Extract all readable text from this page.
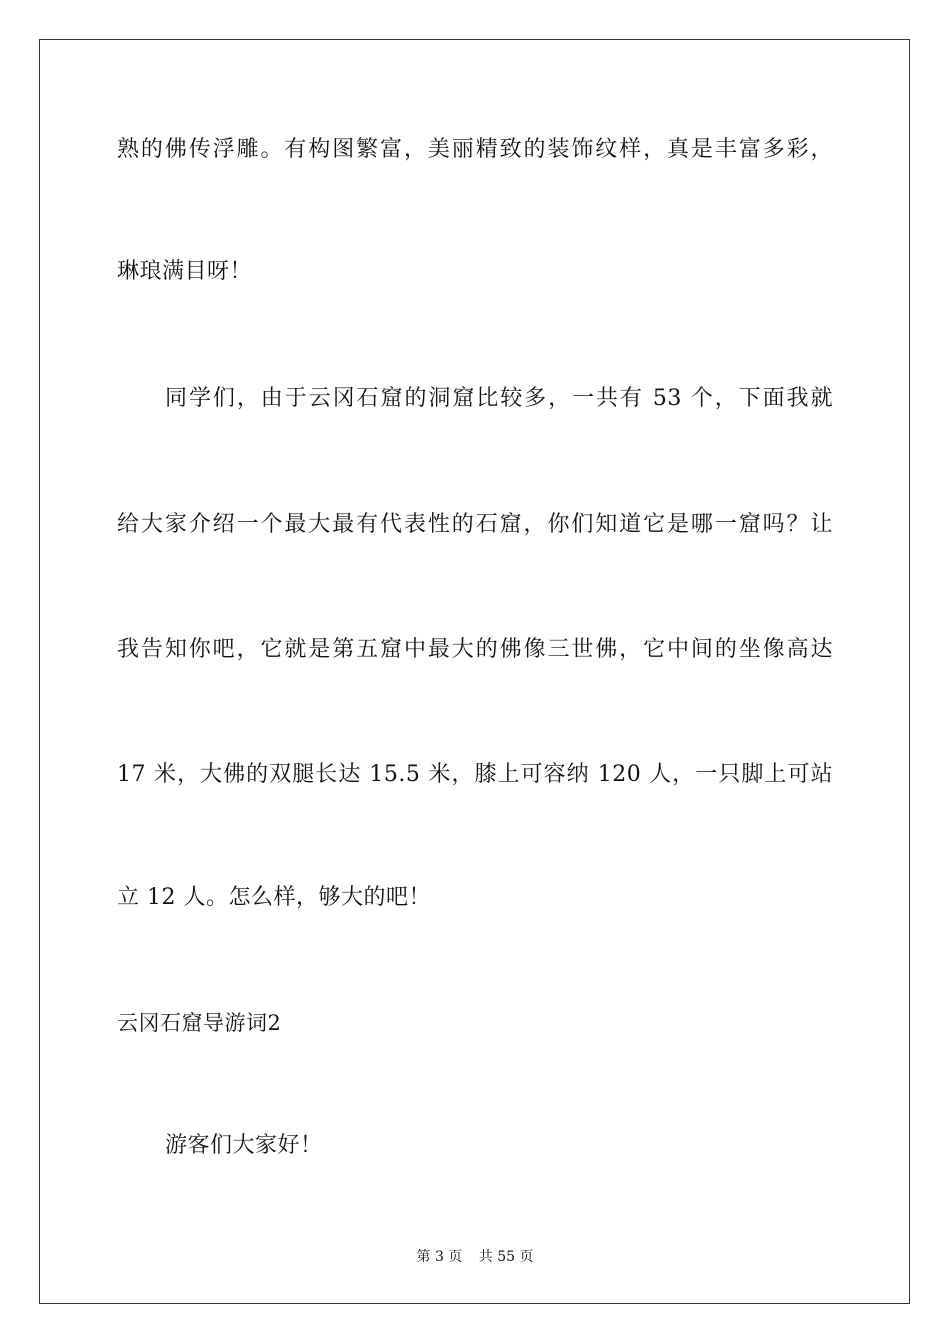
熟的佛传浮雕。有构图繁富，美丽精致的装饰纹样，真是丰富多彩，
琳琅满目呀！
同学们，由于云冈石窟的洞窟比较多，一共有 53 个，下面我就
给大家介绍一个最大最有代表性的石窟，你们知道它是哪一窟吗？让
我告知你吧，它就是第五窟中最大的佛像三世佛，它中间的坐像高达
17 米，大佛的双腿长达 15.5 米，膝上可容纳 120 人，一只脚上可站
立 12 人。怎么样，够大的吧！
云冈石窟导游词2
游客们大家好！
第 3 页 共 55 页
